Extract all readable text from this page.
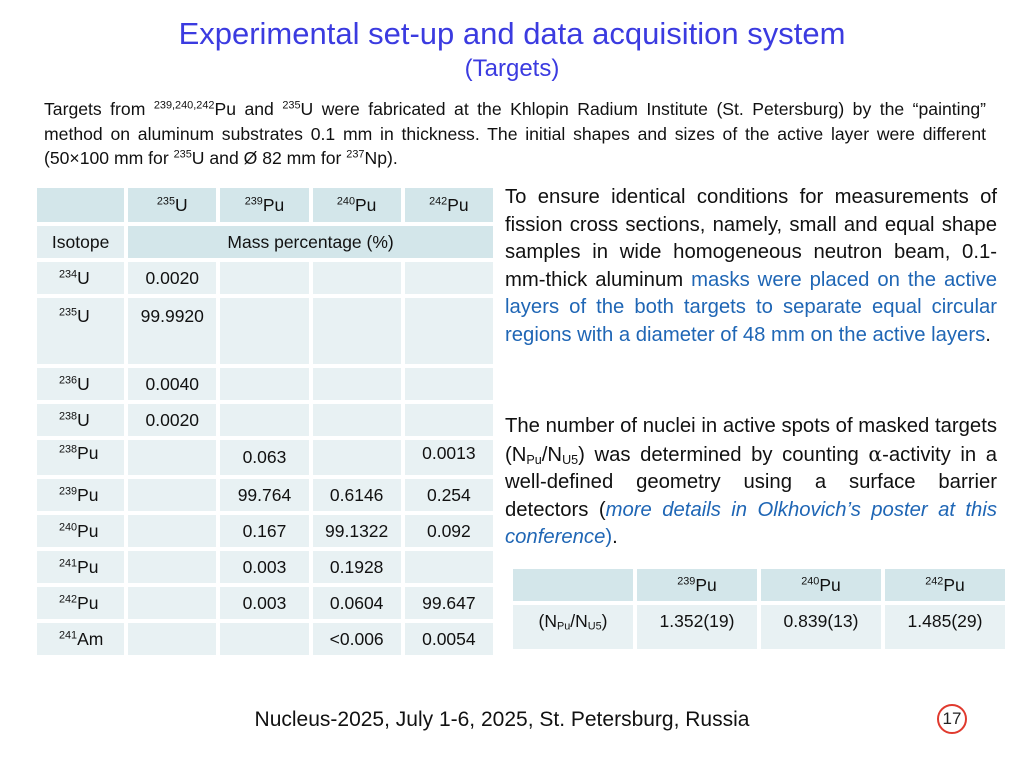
Experimental set-up and data acquisition system
(Targets)
Targets from $^{239,240,242}$Pu and $^{235}$U were fabricated at the Khlopin Radium Institute (St. Petersburg) by the “painting” method on aluminum substrates 0.1 mm in thickness. The initial shapes and sizes of the active layer were different (50×100 mm for $^{235}$U and Ø 82 mm for $^{237}$Np).
	$^{235}$U	$^{239}$Pu	$^{240}$Pu	$^{242}$Pu
Isotope	Mass percentage (%)			
$^{234}$U	0.0020			
$^{235}$U	99.9920			
$^{236}$U	0.0040			
$^{238}$U	0.0020			
$^{238}$Pu		0.063		0.0013
$^{239}$Pu		99.764	0.6146	0.254
$^{240}$Pu		0.167	99.1322	0.092
$^{241}$Pu		0.003	0.1928	
$^{242}$Pu		0.003	0.0604	99.647
$^{241}$Am			<0.006	0.0054
To ensure identical conditions for measurements of fission cross sections, namely, small and equal shape samples in wide homogeneous neutron beam, 0.1-mm-thick aluminum masks were placed on the active layers of the both targets to separate equal circular regions with a diameter of 48 mm on the active layers.
The number of nuclei in active spots of masked targets $(N_{Pu}/N_{U5})$ was determined by counting α-activity in a well-defined geometry using a surface barrier detectors (more details in Olkhovich’s poster at this conference).
	$^{239}$Pu	$^{240}$Pu	$^{242}$Pu
$(N_{Pu}/N_{U5})$	1.352(19)	0.839(13)	1.485(29)
Nucleus-2025, July 1-6, 2025, St. Petersburg, Russia	17
